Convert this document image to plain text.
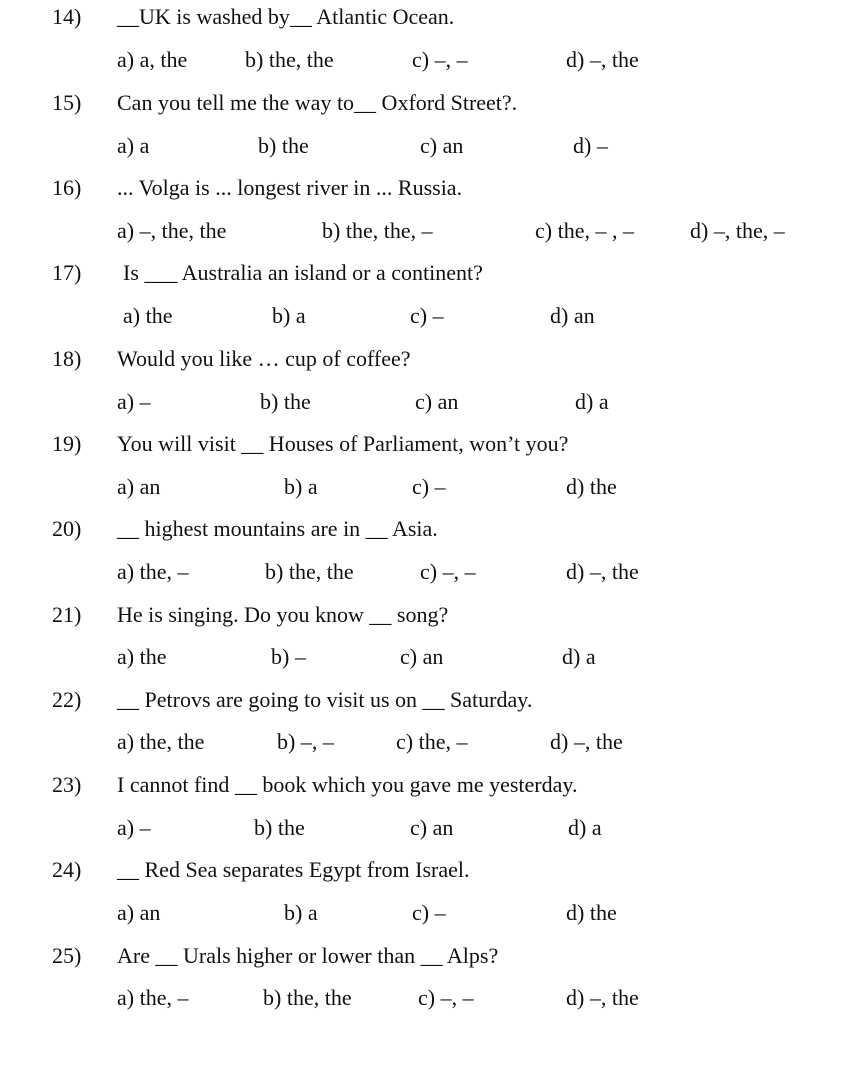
14) __UK is washed by__ Atlantic Ocean.
a) a, the	b) the, the	c) –, –	d) –, the
15) Can you tell me the way to__ Oxford Street?.
a) a	b) the	c) an	d) –
16) ... Volga is ... longest river in ... Russia.
a) –, the, the	b) the, the, –	c) the, – , –	d) –, the, –
17) Is ___ Australia an island or a continent?
a) the	b) a	c) –	d) an
18) Would you like … cup of coffee?
a) –	b) the	c) an	d) a
19) You will visit __ Houses of Parliament, won’t you?
a) an	b) a	c) –	d) the
20) __ highest mountains are in __ Asia.
a) the, –	b) the, the	c) –, –	d) –, the
21) He is singing. Do you know __ song?
a) the	b) –	c) an	d) a
22) __ Petrovs are going to visit us on __ Saturday.
a) the, the	b) –, –	c) the, –	d) –, the
23) I cannot find __ book which you gave me yesterday.
a) –	b) the	c) an	d) a
24) __ Red Sea separates Egypt from Israel.
a) an	b) a	c) –	d) the
25) Are __ Urals higher or lower than __ Alps?
a) the, –	b) the, the	c) –, –	d) –, the
